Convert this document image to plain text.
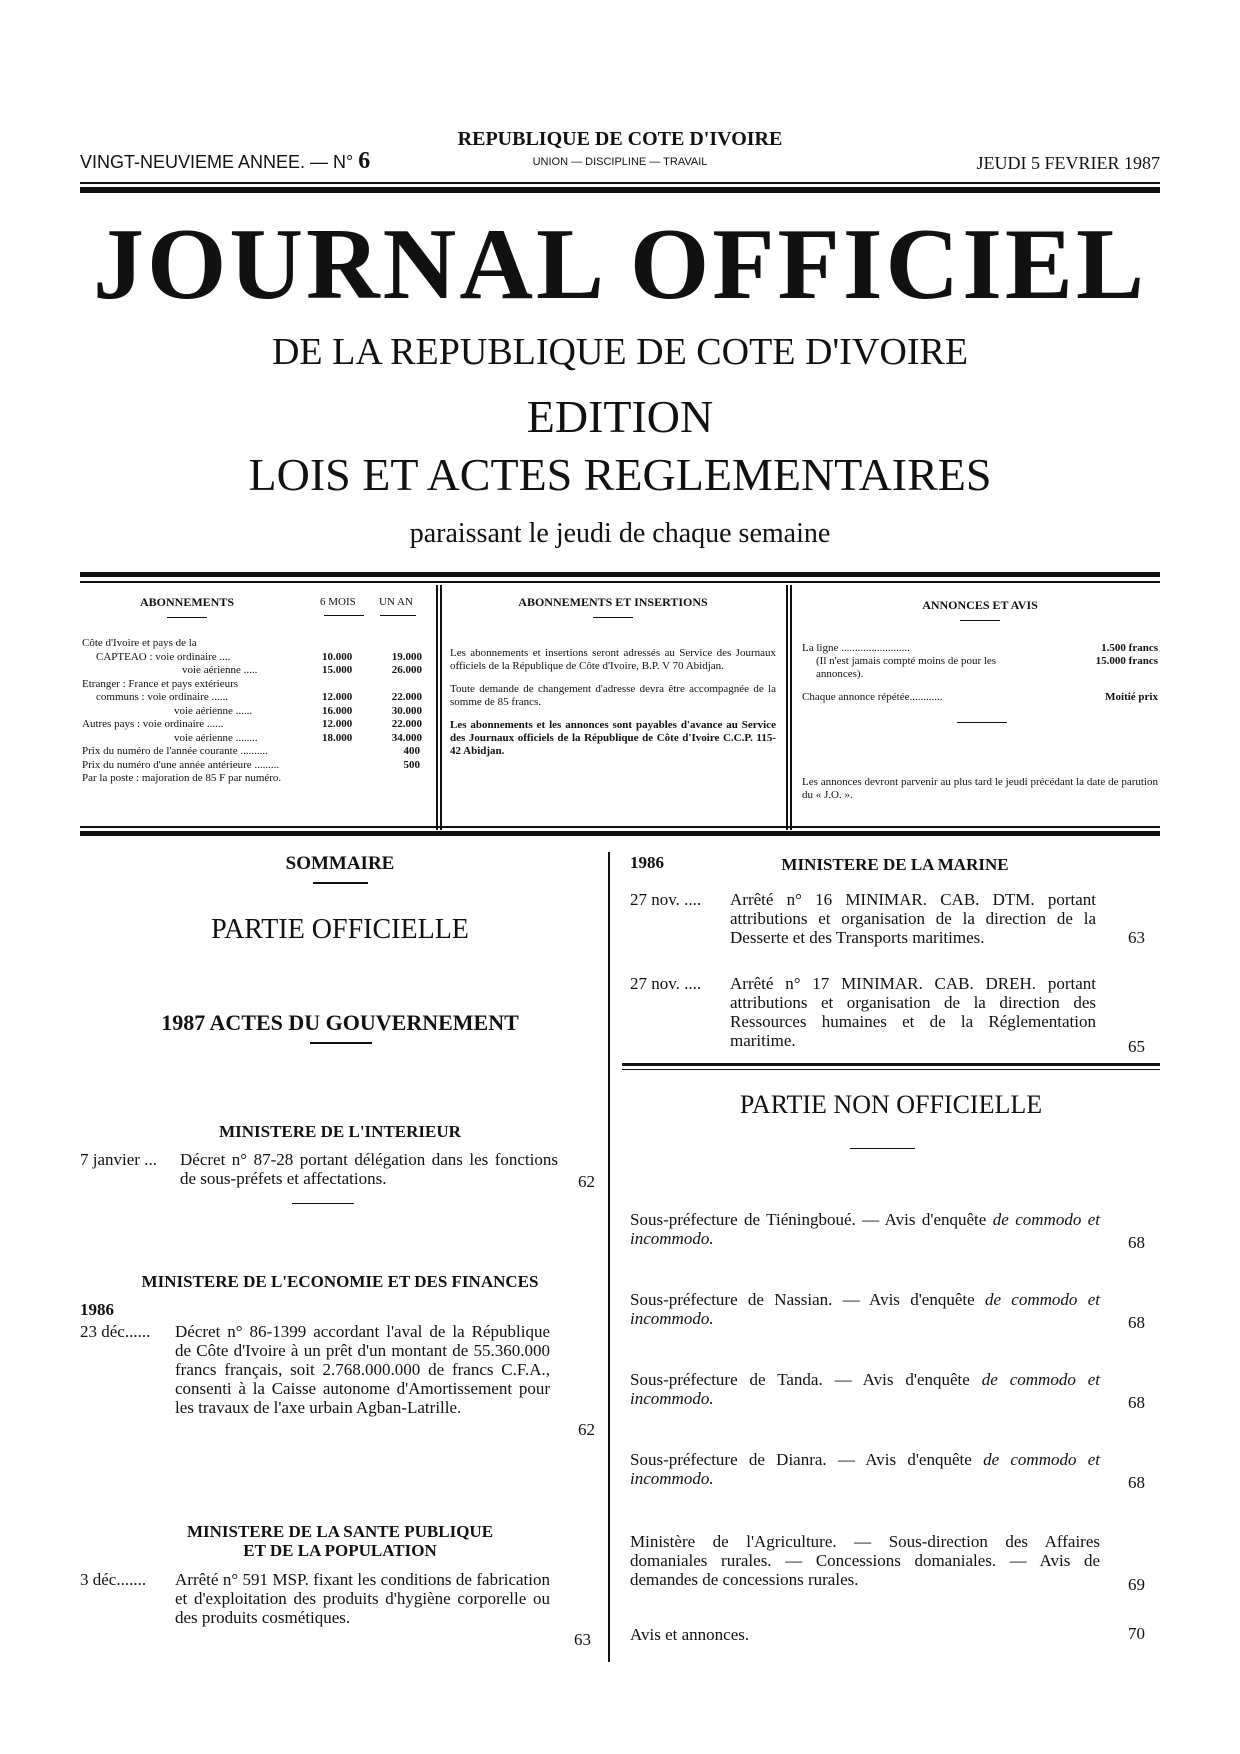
VINGT-NEUVIEME ANNEE. — N° 6
REPUBLIQUE DE COTE D'IVOIRE
UNION — DISCIPLINE — TRAVAIL	JEUDI 5 FEVRIER 1987
JOURNAL OFFICIEL
DE LA REPUBLIQUE DE COTE D'IVOIRE
EDITION
LOIS ET ACTES REGLEMENTAIRES
paraissant le jeudi de chaque semaine
ABONNEMENTS	6 MOIS UN AN
Côte d'Ivoire et pays de la
CAPTEAO : voie ordinaire ....	10.000	19.000
voie aérienne .....	15.000	26.000
Etranger : France et pays extérieurs
communs : voie ordinaire ......	12.000	22.000
voie aérienne ......	16.000	30.000
Autres pays : voie ordinaire ......	12.000	22.000
voie aérienne ........	18.000	34.000
Prix du numéro de l'année courante ..........	400
Prix du numéro d'une année antérieure .........	500
Par la poste : majoration de 85 F par numéro.
ABONNEMENTS ET INSERTIONS
Les abonnements et insertions seront adressés au Service des Journaux officiels de la République de Côte d'Ivoire, B.P. V 70 Abidjan.
Toute demande de changement d'adresse devra être accompagnée de la somme de 85 francs.
Les abonnements et les annonces sont payables d'avance au Service des Journaux officiels de la République de Côte d'Ivoire C.C.P. 115-42 Abidjan.
ANNONCES ET AVIS
La ligne .........................	1.500 francs
(Il n'est jamais compté moins de pour les annonces).
15.000 francs
Chaque annonce répétée............	Moitié prix
Les annonces devront parvenir au plus tard le jeudi précédant la date de parution du « J.O. ».
SOMMAIRE
PARTIE OFFICIELLE
1987 ACTES DU GOUVERNEMENT
MINISTERE DE L'INTERIEUR
7 janvier ...	Décret n° 87-28 portant délégation dans les fonctions de sous-préfets et affectations.	62
MINISTERE DE L'ECONOMIE ET DES FINANCES
1986
23 déc......	Décret n° 86-1399 accordant l'aval de la République de Côte d'Ivoire à un prêt d'un montant de 55.360.000 francs français, soit 2.768.000.000 de francs C.F.A., consenti à la Caisse autonome d'Amortissement pour les travaux de l'axe urbain Agban-Latrille.
62
MINISTERE DE LA SANTE PUBLIQUE
ET DE LA POPULATION
3 déc.......	Arrêté n° 591 MSP. fixant les conditions de fabrication et d'exploitation des produits d'hygiène corporelle ou des produits cosmétiques.
63
1986	MINISTERE DE LA MARINE
27 nov. ....	Arrêté n° 16 MINIMAR. CAB. DTM. portant attributions et organisation de la direction de la Desserte et des Transports maritimes.	63
27 nov. ....	Arrêté n° 17 MINIMAR. CAB. DREH. portant attributions et organisation de la direction des Ressources humaines et de la Réglementation maritime.	65
PARTIE NON OFFICIELLE
Sous-préfecture de Tiéningboué. — Avis d'enquête de commodo et incommodo.	68
Sous-préfecture de Nassian. — Avis d'enquête de commodo et incommodo.	68
Sous-préfecture de Tanda. — Avis d'enquête de commodo et incommodo.	68
Sous-préfecture de Dianra. — Avis d'enquête de commodo et incommodo.	68
Ministère de l'Agriculture. — Sous-direction des Affaires domaniales rurales. — Concessions domaniales. — Avis de demandes de concessions rurales.	69
Avis et annonces.	70
